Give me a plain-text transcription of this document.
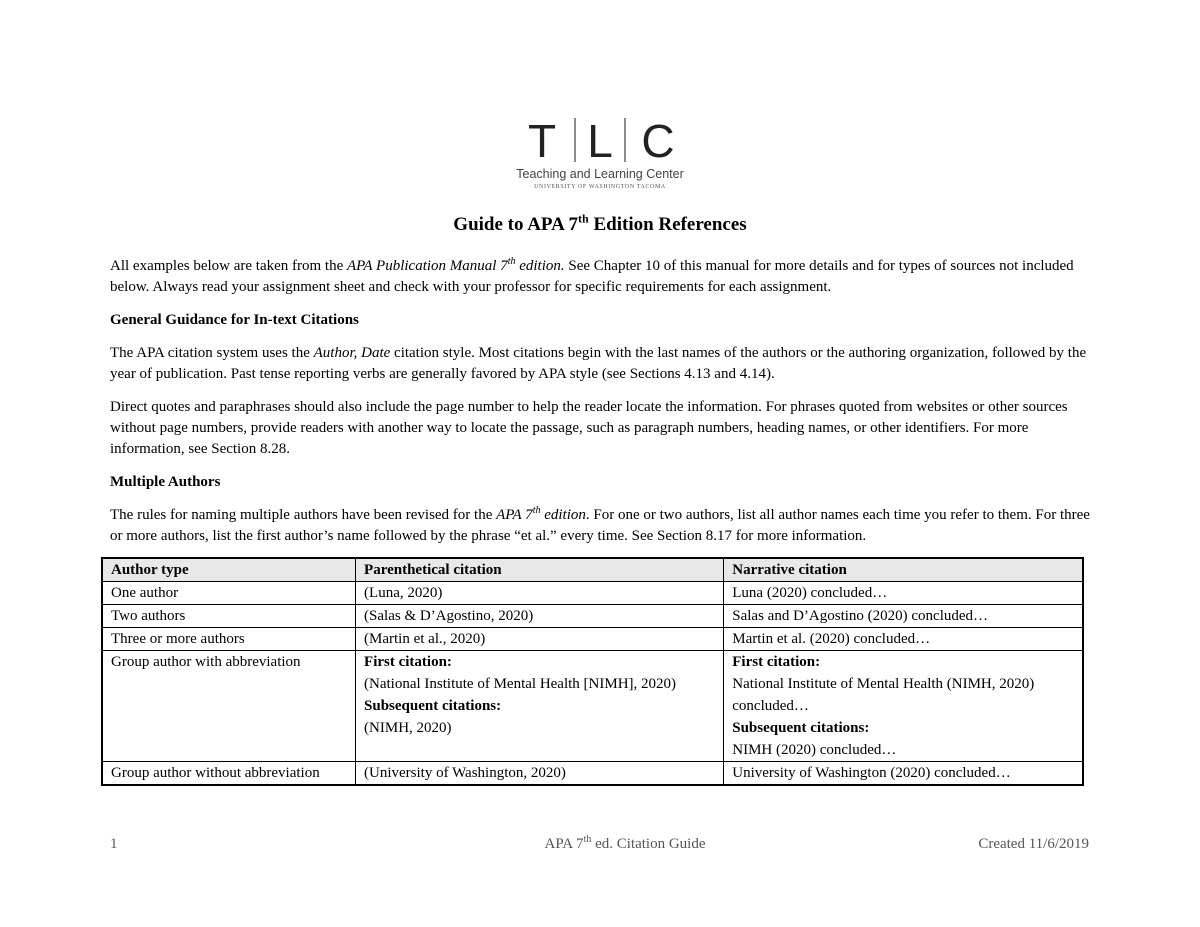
T L C
Teaching and Learning Center
UNIVERSITY OF WASHINGTON TACOMA
Guide to APA 7th Edition References

All examples below are taken from the APA Publication Manual 7th edition. See Chapter 10 of this manual for more details and for types of sources not included below. Always read your assignment sheet and check with your professor for specific requirements for each assignment.

General Guidance for In-text Citations

The APA citation system uses the Author, Date citation style. Most citations begin with the last names of the authors or the authoring organization, followed by the year of publication. Past tense reporting verbs are generally favored by APA style (see Sections 4.13 and 4.14).

Direct quotes and paraphrases should also include the page number to help the reader locate the information. For phrases quoted from websites or other sources without page numbers, provide readers with another way to locate the passage, such as paragraph numbers, heading names, or other identifiers. For more information, see Section 8.28.

Multiple Authors

The rules for naming multiple authors have been revised for the APA 7th edition. For one or two authors, list all author names each time you refer to them. For three or more authors, list the first author’s name followed by the phrase “et al.” every time. See Section 8.17 for more information.

Author type	Parenthetical citation	Narrative citation
One author	(Luna, 2020)	Luna (2020) concluded…
Two authors	(Salas & D’Agostino, 2020)	Salas and D’Agostino (2020) concluded…
Three or more authors	(Martin et al., 2020)	Martin et al. (2020) concluded…
Group author with abbreviation	First citation:
(National Institute of Mental Health [NIMH], 2020)
Subsequent citations:
(NIMH, 2020)	First citation:
National Institute of Mental Health (NIMH, 2020) concluded…
Subsequent citations:
NIMH (2020) concluded…

Group author without abbreviation	(University of Washington, 2020)	University of Washington (2020) concluded…
1	APA 7th ed. Citation Guide	Created 11/6/2019
